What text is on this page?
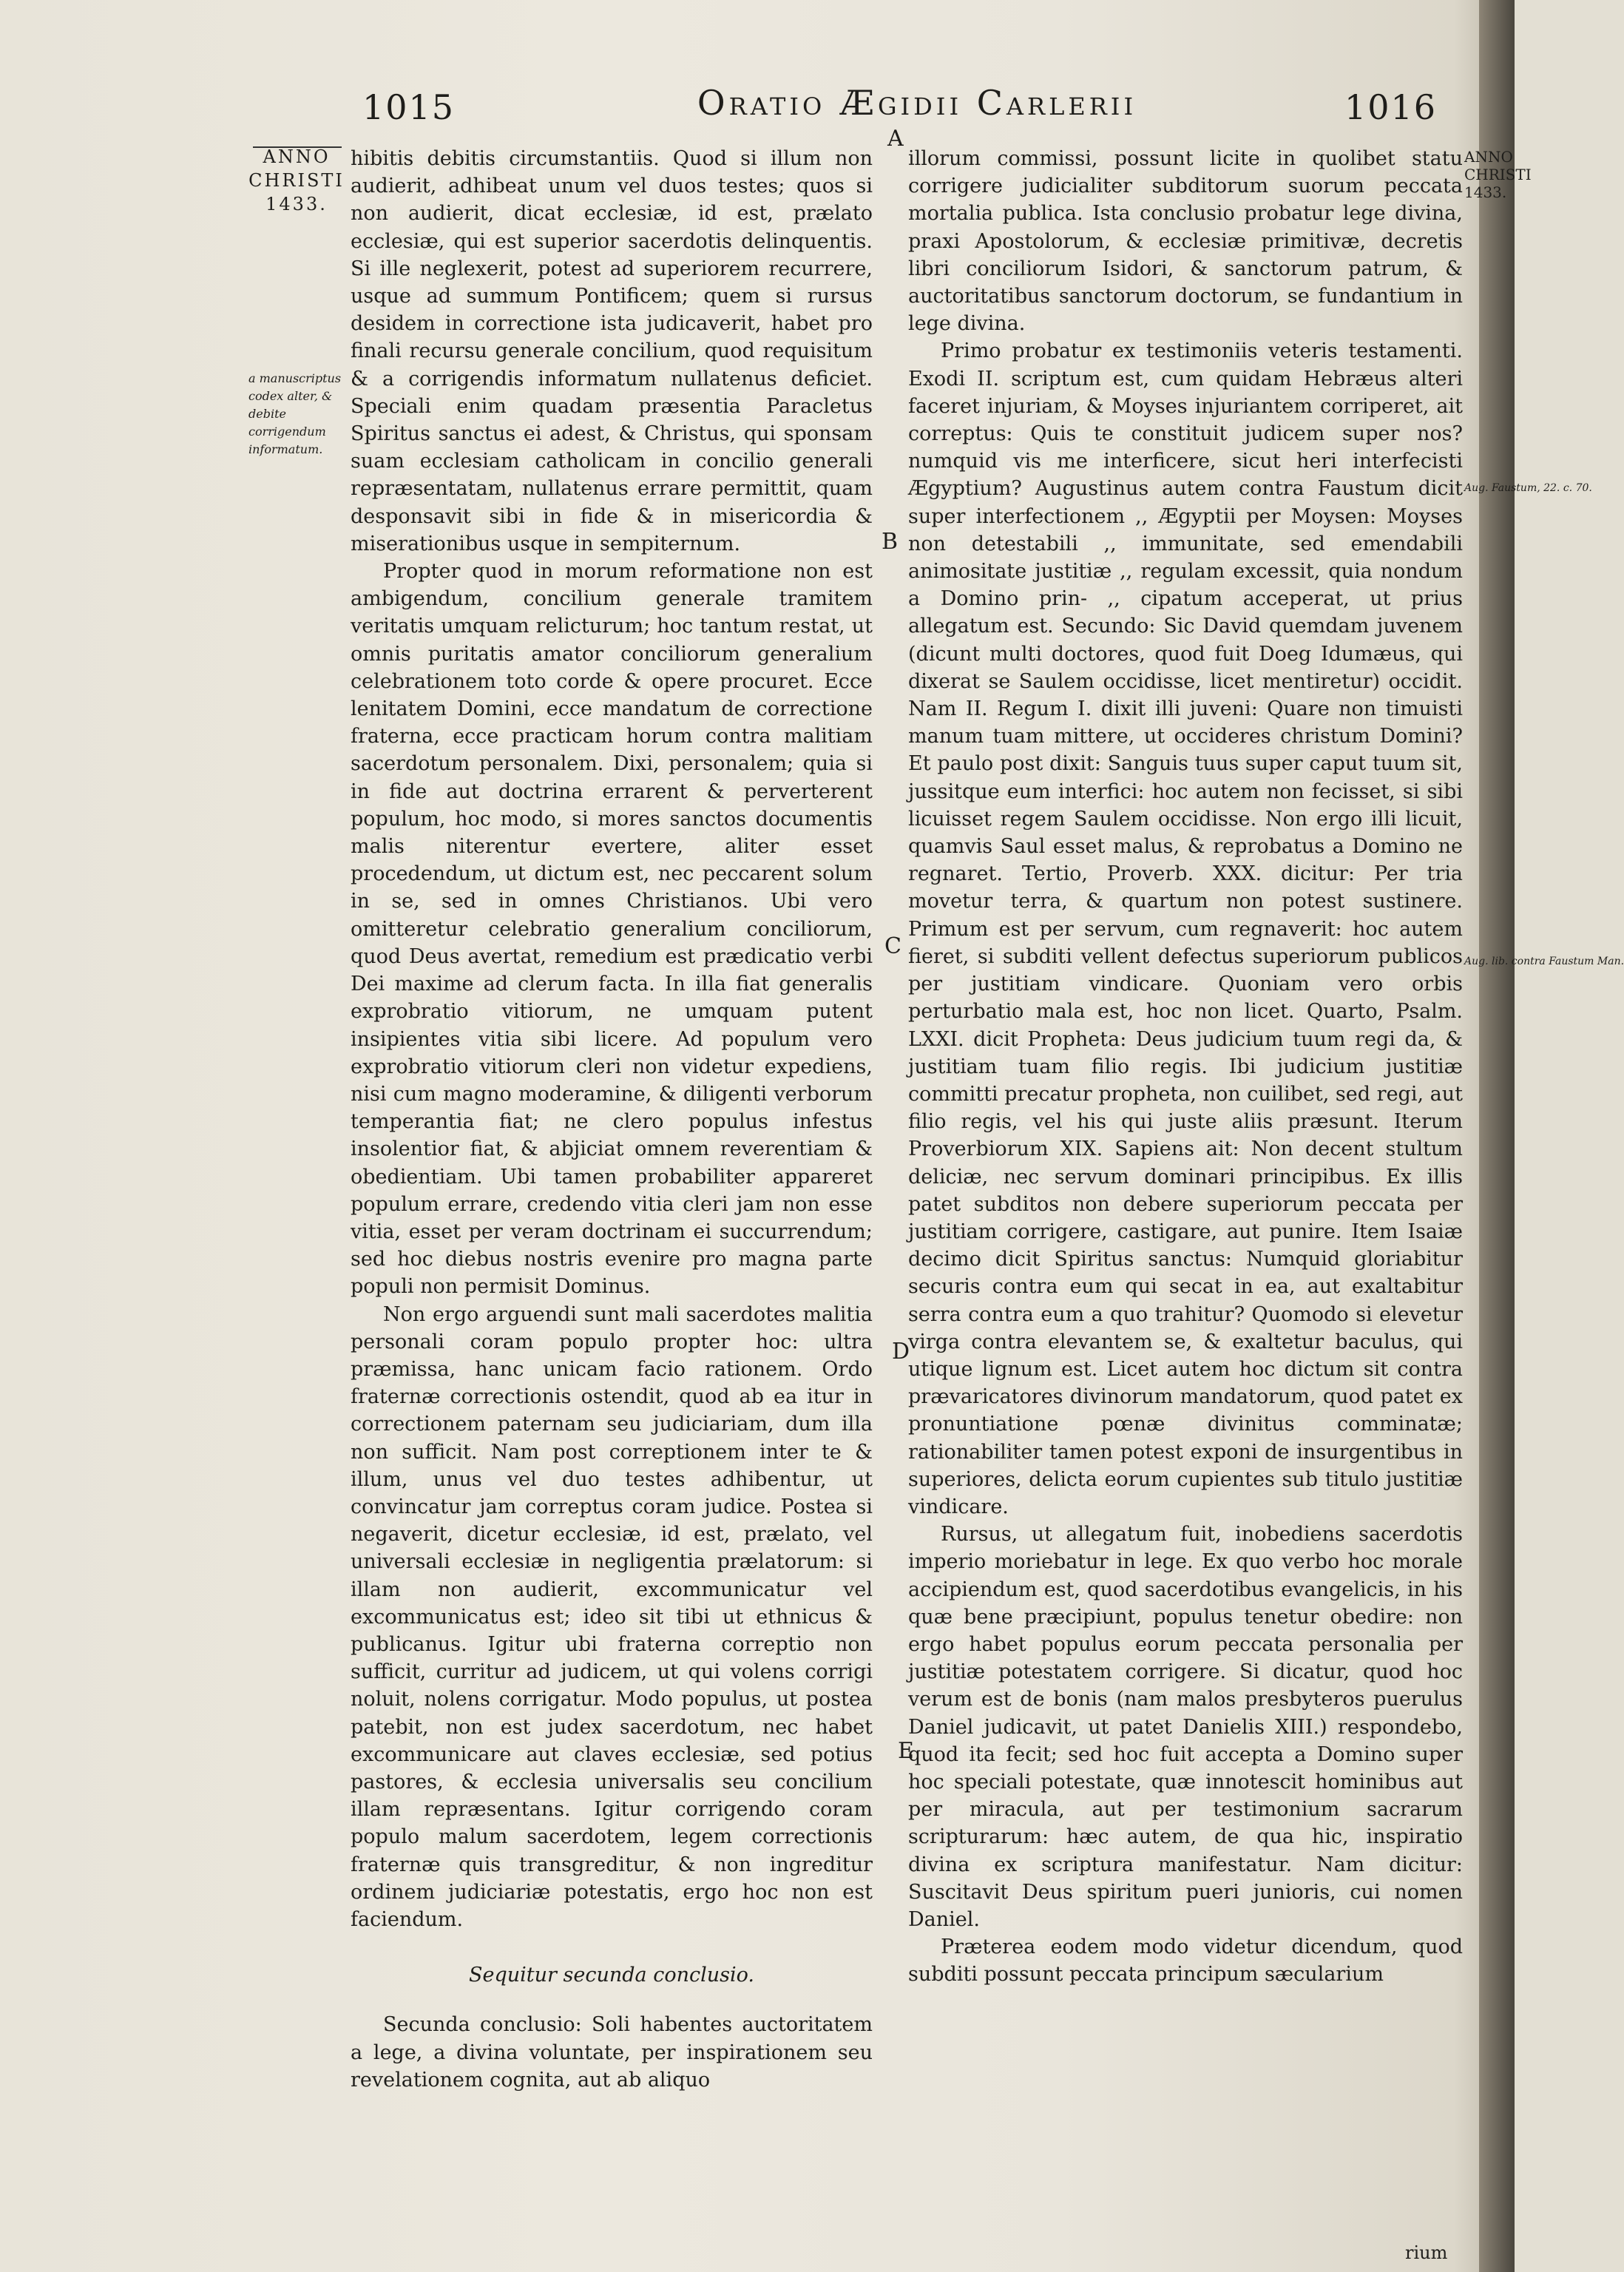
1015	Oratio Ægidii Carlerii	1016
ANNO
CHRISTI
1433.
a manuscriptus codex alter, & debite corrigendum informatum.
ANNO
CHRISTI
1433.
Aug. Faustum, 22. c. 70.
Aug. lib. contra Faustum Man.
A
B
C
D
E

hibitis debitis circumstantiis. Quod si illum non audierit, adhibeat unum vel duos testes; quos si non audierit, dicat ecclesiæ, id est, prælato ecclesiæ, qui est superior sacerdotis delinquentis. Si ille neglexerit, potest ad superiorem recurrere, usque ad summum Pontificem; quem si rursus desidem in correctione ista judicaverit, habet pro finali recursu generale concilium, quod requisitum & a corrigendis informatum nullatenus deficiet. Speciali enim quadam præsentia Paracletus Spiritus sanctus ei adest, & Christus, qui sponsam suam ecclesiam catholicam in concilio generali repræsentatam, nullatenus errare permittit, quam desponsavit sibi in fide & in misericordia & miserationibus usque in sempiternum.

Propter quod in morum reformatione non est ambigendum, concilium generale tramitem veritatis umquam relicturum; hoc tantum restat, ut omnis puritatis amator conciliorum generalium celebrationem toto corde & opere procuret. Ecce lenitatem Domini, ecce mandatum de correctione fraterna, ecce practicam horum contra malitiam sacerdotum personalem. Dixi, personalem; quia si in fide aut doctrina errarent & perverterent populum, hoc modo, si mores sanctos documentis malis niterentur evertere, aliter esset procedendum, ut dictum est, nec peccarent solum in se, sed in omnes Christianos. Ubi vero omitteretur celebratio generalium conciliorum, quod Deus avertat, remedium est prædicatio verbi Dei maxime ad clerum facta. In illa fiat generalis exprobratio vitiorum, ne umquam putent insipientes vitia sibi licere. Ad populum vero exprobratio vitiorum cleri non videtur expediens, nisi cum magno moderamine, & diligenti verborum temperantia fiat; ne clero populus infestus insolentior fiat, & abjiciat omnem reverentiam & obedientiam. Ubi tamen probabiliter appareret populum errare, credendo vitia cleri jam non esse vitia, esset per veram doctrinam ei succurrendum; sed hoc diebus nostris evenire pro magna parte populi non permisit Dominus.

Non ergo arguendi sunt mali sacerdotes malitia personali coram populo propter hoc: ultra præmissa, hanc unicam facio rationem. Ordo fraternæ correctionis ostendit, quod ab ea itur in correctionem paternam seu judiciariam, dum illa non sufficit. Nam post correptionem inter te & illum, unus vel duo testes adhibentur, ut convincatur jam correptus coram judice. Postea si negaverit, dicetur ecclesiæ, id est, prælato, vel universali ecclesiæ in negligentia prælatorum: si illam non audierit, excommunicatur vel excommunicatus est; ideo sit tibi ut ethnicus & publicanus. Igitur ubi fraterna correptio non sufficit, curritur ad judicem, ut qui volens corrigi noluit, nolens corrigatur. Modo populus, ut postea patebit, non est judex sacerdotum, nec habet excommunicare aut claves ecclesiæ, sed potius pastores, & ecclesia universalis seu concilium illam repræsentans. Igitur corrigendo coram populo malum sacerdotem, legem correctionis fraternæ quis transgreditur, & non ingreditur ordinem judiciariæ potestatis, ergo hoc non est faciendum.

Sequitur secunda conclusio.

Secunda conclusio: Soli habentes auctoritatem a lege, a divina voluntate, per inspirationem seu revelationem cognita, aut ab aliquo

illorum commissi, possunt licite in quolibet statu corrigere judicialiter subditorum suorum peccata mortalia publica. Ista conclusio probatur lege divina, praxi Apostolorum, & ecclesiæ primitivæ, decretis libri conciliorum Isidori, & sanctorum patrum, & auctoritatibus sanctorum doctorum, se fundantium in lege divina.

Primo probatur ex testimoniis veteris testamenti. Exodi II. scriptum est, cum quidam Hebræus alteri faceret injuriam, & Moyses injuriantem corriperet, ait correptus: Quis te constituit judicem super nos? numquid vis me interficere, sicut heri interfecisti Ægyptium? Augustinus autem contra Faustum dicit super interfectionem ,, Ægyptii per Moysen: Moyses non detestabili ,, immunitate, sed emendabili animositate justitiæ ,, regulam excessit, quia nondum a Domino prin- ,, cipatum acceperat, ut prius allegatum est. Secundo: Sic David quemdam juvenem (dicunt multi doctores, quod fuit Doeg Idumæus, qui dixerat se Saulem occidisse, licet mentiretur) occidit. Nam II. Regum I. dixit illi juveni: Quare non timuisti manum tuam mittere, ut occideres christum Domini? Et paulo post dixit: Sanguis tuus super caput tuum sit, jussitque eum interfici: hoc autem non fecisset, si sibi licuisset regem Saulem occidisse. Non ergo illi licuit, quamvis Saul esset malus, & reprobatus a Domino ne regnaret. Tertio, Proverb. XXX. dicitur: Per tria movetur terra, & quartum non potest sustinere. Primum est per servum, cum regnaverit: hoc autem fieret, si subditi vellent defectus superiorum publicos per justitiam vindicare. Quoniam vero orbis perturbatio mala est, hoc non licet. Quarto, Psalm. LXXI. dicit Propheta: Deus judicium tuum regi da, & justitiam tuam filio regis. Ibi judicium justitiæ committi precatur propheta, non cuilibet, sed regi, aut filio regis, vel his qui juste aliis præsunt. Iterum Proverbiorum XIX. Sapiens ait: Non decent stultum deliciæ, nec servum dominari principibus. Ex illis patet subditos non debere superiorum peccata per justitiam corrigere, castigare, aut punire. Item Isaiæ decimo dicit Spiritus sanctus: Numquid gloriabitur securis contra eum qui secat in ea, aut exaltabitur serra contra eum a quo trahitur? Quomodo si elevetur virga contra elevantem se, & exaltetur baculus, qui utique lignum est. Licet autem hoc dictum sit contra prævaricatores divinorum mandatorum, quod patet ex pronuntiatione pœnæ divinitus comminatæ; rationabiliter tamen potest exponi de insurgentibus in superiores, delicta eorum cupientes sub titulo justitiæ vindicare.

Rursus, ut allegatum fuit, inobediens sacerdotis imperio moriebatur in lege. Ex quo verbo hoc morale accipiendum est, quod sacerdotibus evangelicis, in his quæ bene præcipiunt, populus tenetur obedire: non ergo habet populus eorum peccata personalia per justitiæ potestatem corrigere. Si dicatur, quod hoc verum est de bonis (nam malos presbyteros puerulus Daniel judicavit, ut patet Danielis XIII.) respondebo, quod ita fecit; sed hoc fuit accepta a Domino super hoc speciali potestate, quæ innotescit hominibus aut per miracula, aut per testimonium sacrarum scripturarum: hæc autem, de qua hic, inspiratio divina ex scriptura manifestatur. Nam dicitur: Suscitavit Deus spiritum pueri junioris, cui nomen Daniel.

Præterea eodem modo videtur dicendum, quod subditi possunt peccata principum sæcularium

rium
